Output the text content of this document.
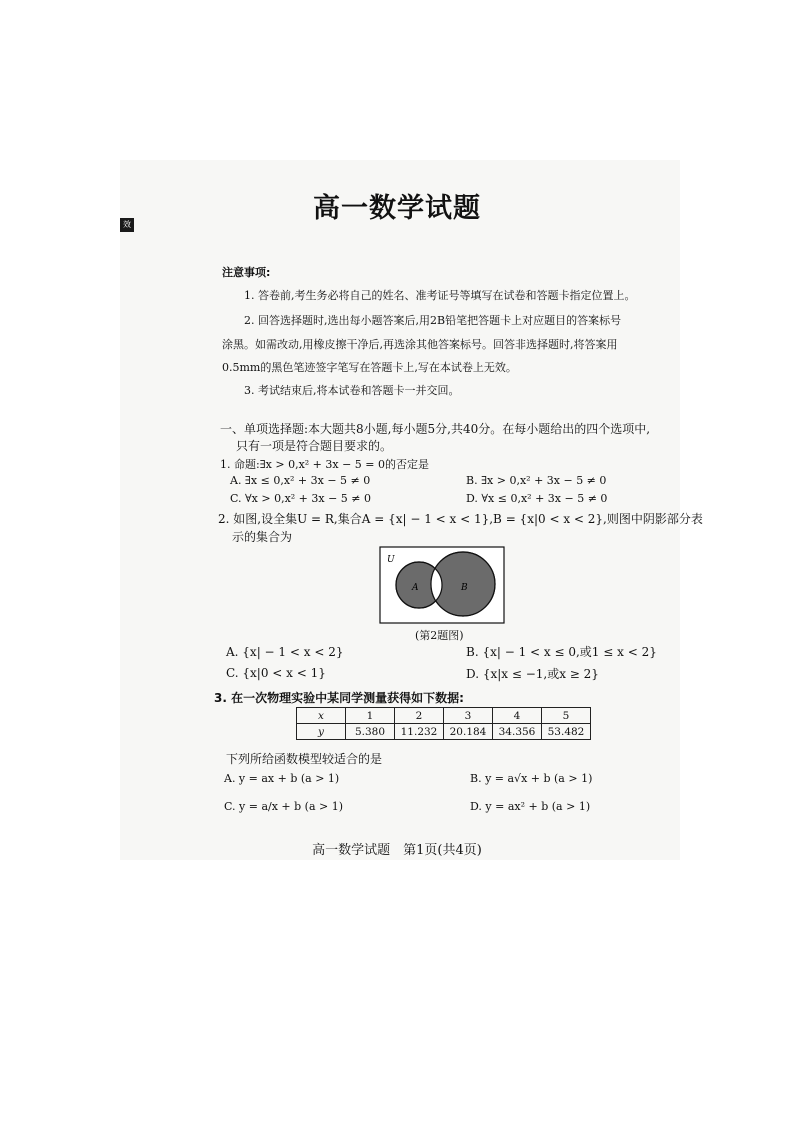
效
高一数学试题
注意事项:
1. 答卷前,考生务必将自己的姓名、准考证号等填写在试卷和答题卡指定位置上。
2. 回答选择题时,选出每小题答案后,用2B铅笔把答题卡上对应题目的答案标号
涂黑。如需改动,用橡皮擦干净后,再选涂其他答案标号。回答非选择题时,将答案用
0.5mm的黑色笔迹签字笔写在答题卡上,写在本试卷上无效。
3. 考试结束后,将本试卷和答题卡一并交回。
一、单项选择题:本大题共8小题,每小题5分,共40分。在每小题给出的四个选项中,
只有一项是符合题目要求的。
1. 命题:∃x > 0,x² + 3x − 5 = 0的否定是
A. ∃x ≤ 0,x² + 3x − 5 ≠ 0	B. ∃x > 0,x² + 3x − 5 ≠ 0
C. ∀x > 0,x² + 3x − 5 ≠ 0	D. ∀x ≤ 0,x² + 3x − 5 ≠ 0
2. 如图,设全集U = R,集合A = {x| − 1 < x < 1},B = {x|0 < x < 2},则图中阴影部分表
示的集合为
U
A	B
(第2题图)
A. {x| − 1 < x < 2}	B. {x| − 1 < x ≤ 0,或1 ≤ x < 2}
C. {x|0 < x < 1}	D. {x|x ≤ −1,或x ≥ 2}
3. 在一次物理实验中某同学测量获得如下数据:
x	1	2	3	4	5
y	5.380	11.232	20.184	34.356	53.482
下列所给函数模型较适合的是
A. y = ax + b (a > 1)	B. y = a√x + b (a > 1)
C. y = a/x + b (a > 1)	D. y = ax² + b (a > 1)
高一数学试题　第1页(共4页)
